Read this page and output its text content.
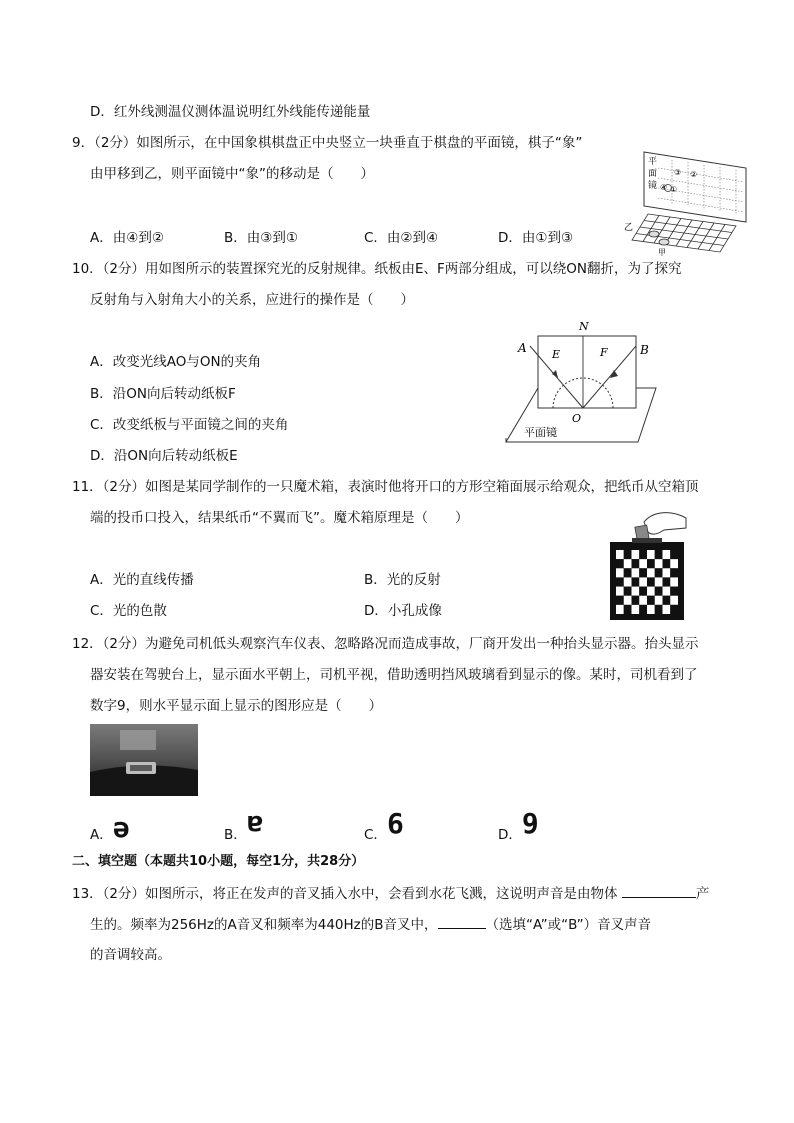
D．红外线测温仪测体温说明红外线能传递能量
9．（2分）如图所示，在中国象棋棋盘正中央竖立一块垂直于棋盘的平面镜，棋子“象”
由甲移到乙，则平面镜中“象”的移动是（　　）
A．由④到②	B．由③到①	C．由②到④	D．由①到③
平
面
镜
③ ②
④ ①
乙
甲
10．（2分）用如图所示的装置探究光的反射规律。纸板由E、F两部分组成，可以绕ON翻折，为了探究
反射角与入射角大小的关系，应进行的操作是（　　）
A．改变光线AO与ON的夹角
B．沿ON向后转动纸板F
C．改变纸板与平面镜之间的夹角
D．沿ON向后转动纸板E
N
A	B
E	F
O
平面镜
11．（2分）如图是某同学制作的一只魔术箱，表演时他将开口的方形空箱面展示给观众，把纸币从空箱顶
端的投币口投入，结果纸币“不翼而飞”。魔术箱原理是（　　）
A．光的直线传播	B．光的反射
C．光的色散	D．小孔成像
12．（2分）为避免司机低头观察汽车仪表、忽略路况而造成事故，厂商开发出一种抬头显示器。抬头显示
器安装在驾驶台上，显示面水平朝上，司机平视，借助透明挡风玻璃看到显示的像。某时，司机看到了
数字9，则水平显示面上显示的图形应是（　　）
A．ə	B．ɐ	C．6	D．9
二、填空题（本题共10小题，每空1分，共28分）
13．（2分）如图所示，将正在发声的音叉插入水中，会看到水花飞溅，这说明声音是由物体	产
生的。频率为256Hz的A音叉和频率为440Hz的B音叉中，	（选填“A”或“B”）音叉声音
的音调较高。
